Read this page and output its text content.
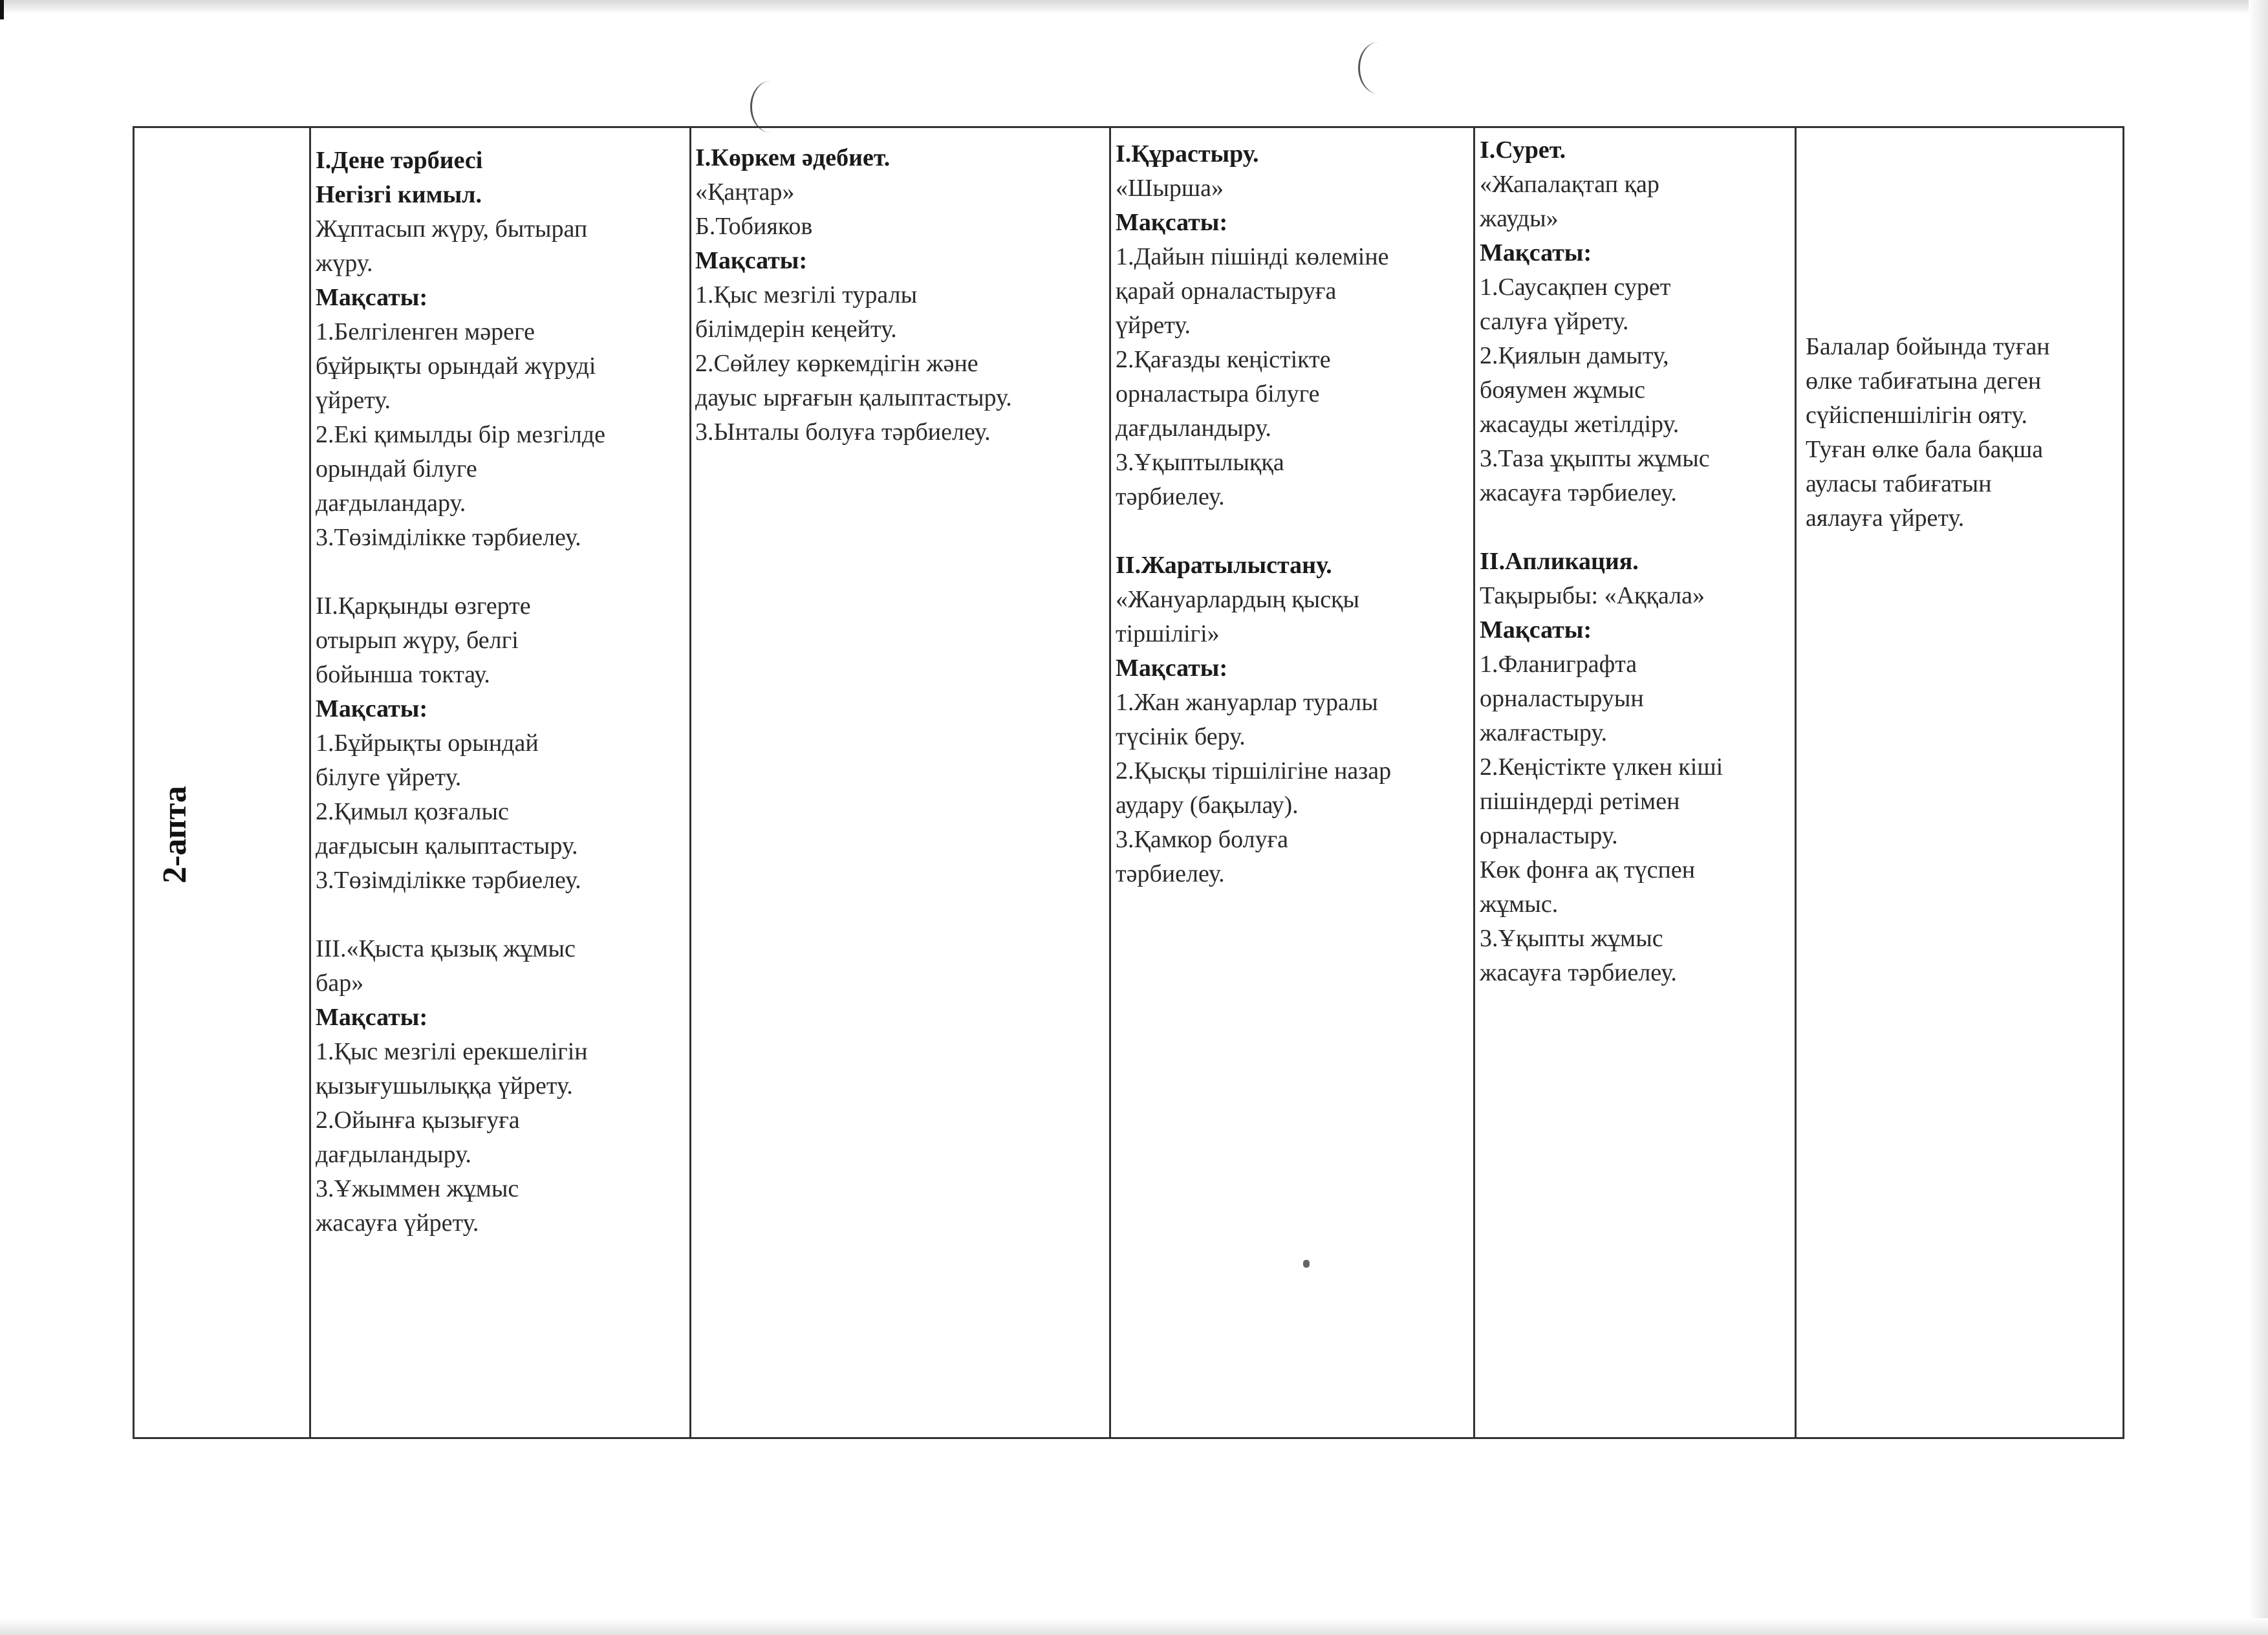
2-апта
І.Дене тәрбиесі
Негізгі кимыл.
Жұптасып жүру, бытырап
жүру.
Мақсаты:
1.Белгіленген мәреге
бұйрықты орындай жүруді
үйрету.
2.Екі қимылды бір мезгілде
орындай білуге
дағдыландару.
3.Төзімділікке тәрбиелеу.
ІІ.Қарқынды өзгерте
отырып жүру, белгі
бойынша токтау.
Мақсаты:
1.Бұйрықты орындай
білуге үйрету.
2.Қимыл қозғалыс
дағдысын қалыптастыру.
3.Төзімділікке тәрбиелеу.
ІІІ.«Қыста қызық жұмыс
бар»
Мақсаты:
1.Қыс мезгілі ерекшелігін
қызығушылыққа үйрету.
2.Ойынға қызығуға
дағдыландыру.
3.Ұжыммен жұмыс
жасауға үйрету.
І.Көркем әдебиет.
«Қаңтар»
Б.Тобияков
Мақсаты:
1.Қыс мезгілі туралы
білімдерін кеңейту.
2.Сөйлеу көркемдігін және
дауыс ырғағын қалыптастыру.
3.Ынталы болуға тәрбиелеу.
І.Құрастыру.
«Шырша»
Мақсаты:
1.Дайын пішінді көлеміне
қарай орналастыруға
үйрету.
2.Қағазды кеңістікте
орналастыра білуге
дағдыландыру.
3.Ұқыптылыққа
тәрбиелеу.
ІІ.Жаратылыстану.
«Жануарлардың қысқы
тіршілігі»
Мақсаты:
1.Жан жануарлар туралы
түсінік беру.
2.Қысқы тіршілігіне назар
аудару (бақылау).
3.Қамкор болуға
тәрбиелеу.
І.Сурет.
«Жапалақтап қар
жауды»
Мақсаты:
1.Саусақпен сурет
салуға үйрету.
2.Қиялын дамыту,
бояумен жұмыс
жасауды жетілдіру.
3.Таза ұқыпты жұмыс
жасауға тәрбиелеу.
ІІ.Апликация.
Тақырыбы: «Аққала»
Мақсаты:
1.Фланиграфта
орналастыруын
жалғастыру.
2.Кеңістікте үлкен кіші
пішіндерді ретімен
орналастыру.
Көк фонға ақ түспен
жұмыс.
3.Ұқыпты жұмыс
жасауға тәрбиелеу.
Балалар бойында туған
өлке табиғатына деген
сүйіспеншілігін ояту.
Туған өлке бала бақша
ауласы табиғатын
аялауға үйрету.
